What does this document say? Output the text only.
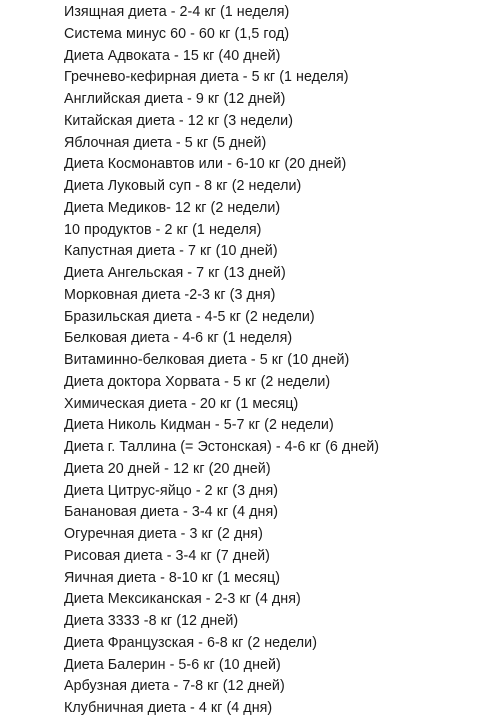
Изящная диета - 2-4 кг (1 неделя)
Система минус 60 - 60 кг (1,5 год)
Диета Адвоката - 15 кг (40 дней)
Гречнево-кефирная диета - 5 кг (1 неделя)
Английская диета - 9 кг (12 дней)
Китайская диета - 12 кг (3 недели)
Яблочная диета - 5 кг (5 дней)
Диета Космонавтов или - 6-10 кг (20 дней)
Диета Луковый суп - 8 кг (2 недели)
Диета Медиков- 12 кг (2 недели)
10 продуктов - 2 кг (1 неделя)
Капустная диета - 7 кг (10 дней)
Диета Ангельская - 7 кг (13 дней)
Морковная диета -2-3 кг (3 дня)
Бразильская диета - 4-5 кг (2 недели)
Белковая диета - 4-6 кг (1 неделя)
Витаминно-белковая диета - 5 кг (10 дней)
Диета доктора Хорвата - 5 кг (2 недели)
Химическая диета - 20 кг (1 месяц)
Диета Николь Кидман - 5-7 кг (2 недели)
Диета г. Таллина (= Эстонская) - 4-6 кг (6 дней)
Диета 20 дней - 12 кг (20 дней)
Диета Цитрус-яйцо - 2 кг (3 дня)
Банановая диета - 3-4 кг (4 дня)
Огуречная диета - 3 кг (2 дня)
Рисовая диета - 3-4 кг (7 дней)
Яичная диета - 8-10 кг (1 месяц)
Диета Мексиканская - 2-3 кг (4 дня)
Диета 3333 -8 кг (12 дней)
Диета Французская - 6-8 кг (2 недели)
Диета Балерин - 5-6 кг (10 дней)
Арбузная диета - 7-8 кг (12 дней)
Клубничная диета - 4 кг (4 дня)
